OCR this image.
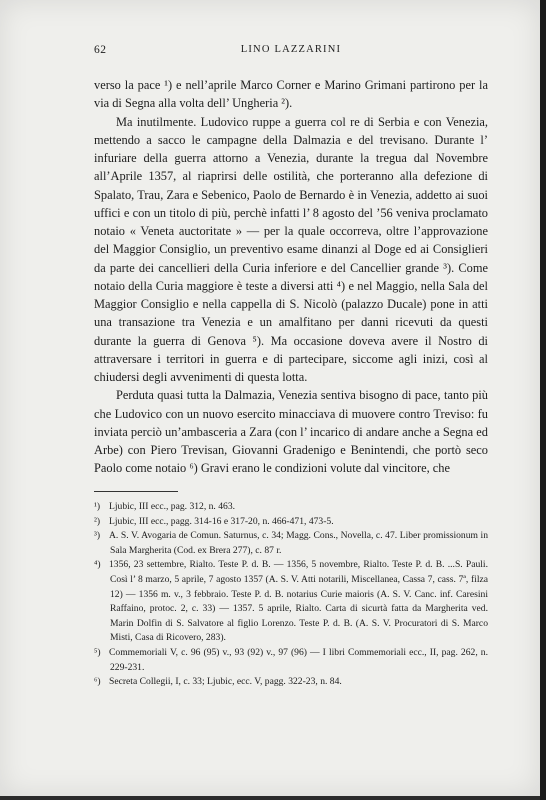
62	LINO LAZZARINI

verso la pace ¹) e nell’aprile Marco Corner e Marino Grimani partirono per la via di Segna alla volta dell’ Ungheria ²).

Ma inutilmente. Ludovico ruppe a guerra col re di Serbia e con Venezia, mettendo a sacco le campagne della Dalmazia e del trevisano. Durante l’ infuriare della guerra attorno a Venezia, durante la tregua dal Novembre all’Aprile 1357, al riaprirsi delle ostilità, che porteranno alla defezione di Spalato, Trau, Zara e Sebenico, Paolo de Bernardo è in Venezia, addetto ai suoi uffici e con un titolo di più, perchè infatti l’ 8 agosto del ’56 veniva proclamato notaio « Veneta auctoritate » — per la quale occorreva, oltre l’approvazione del Maggior Consiglio, un preventivo esame dinanzi al Doge ed ai Consiglieri da parte dei cancellieri della Curia inferiore e del Cancellier grande ³). Come notaio della Curia maggiore è teste a diversi atti ⁴) e nel Maggio, nella Sala del Maggior Consiglio e nella cappella di S. Nicolò (palazzo Ducale) pone in atti una transazione tra Venezia e un amalfitano per danni ricevuti da questi durante la guerra di Genova ⁵). Ma occasione doveva avere il Nostro di attraversare i territori in guerra e di partecipare, siccome agli inizi, così al chiudersi degli avvenimenti di questa lotta.

Perduta quasi tutta la Dalmazia, Venezia sentiva bisogno di pace, tanto più che Ludovico con un nuovo esercito minacciava di muovere contro Treviso: fu inviata perciò un’ambasceria a Zara (con l’ incarico di andare anche a Segna ed Arbe) con Piero Trevisan, Giovanni Gradenigo e Benintendi, che portò seco Paolo come notaio ⁶) Gravi erano le condizioni volute dal vincitore, che

¹) Ljubic, III ecc., pag. 312, n. 463.

²) Ljubic, III ecc., pagg. 314-16 e 317-20, n. 466-471, 473-5.

³) A. S. V. Avogaria de Comun. Saturnus, c. 34; Magg. Cons., Novella, c. 47. Liber promissionum in Sala Margherita (Cod. ex Brera 277), c. 87 r.

⁴) 1356, 23 settembre, Rialto. Teste P. d. B. — 1356, 5 novembre, Rialto. Teste P. d. B. ...S. Pauli. Così l’ 8 marzo, 5 aprile, 7 agosto 1357 (A. S. V. Atti notarili, Miscellanea, Cassa 7, cass. 7ª, filza 12) — 1356 m. v., 3 febbraio. Teste P. d. B. notarius Curie maioris (A. S. V. Canc. inf. Caresini Raffaino, protoc. 2, c. 33) — 1357. 5 aprile, Rialto. Carta di sicurtà fatta da Margherita ved. Marin Dolfin di S. Salvatore al figlio Lorenzo. Teste P. d. B. (A. S. V. Procuratori di S. Marco Misti, Casa di Ricovero, 283).

⁵) Commemoriali V, c. 96 (95) v., 93 (92) v., 97 (96) — I libri Commemoriali ecc., II, pag. 262, n. 229-231.

⁶) Secreta Collegii, I, c. 33; Ljubic, ecc. V, pagg. 322-23, n. 84.
